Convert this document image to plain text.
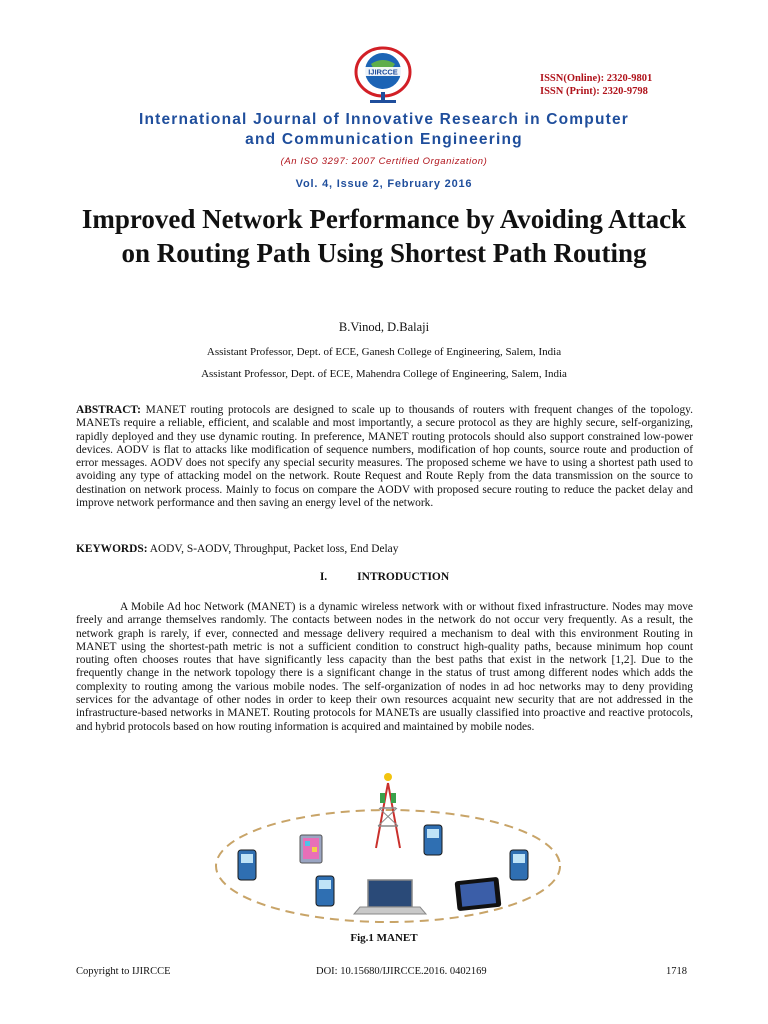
IJIRCCE
ISSN(Online): 2320-9801
ISSN (Print): 2320-9798
International Journal of Innovative Research in Computer
and Communication Engineering
(An ISO 3297: 2007 Certified Organization)
Vol. 4, Issue 2, February 2016
Improved Network Performance by Avoiding Attack on Routing Path Using Shortest Path Routing
B.Vinod, D.Balaji
Assistant Professor, Dept. of ECE, Ganesh College of Engineering, Salem, India
Assistant Professor, Dept. of ECE, Mahendra College of Engineering, Salem, India
ABSTRACT: MANET routing protocols are designed to scale up to thousands of routers with frequent changes of the topology. MANETs require a reliable, efficient, and scalable and most importantly, a secure protocol as they are highly secure, self-organizing, rapidly deployed and they use dynamic routing. In preference, MANET routing protocols should also support constrained low-power devices. AODV is flat to attacks like modification of sequence numbers, modification of hop counts, source route and production of error messages. AODV does not specify any special security measures. The proposed scheme we have to using a shortest path used to avoiding any type of attacking model on the network. Route Request and Route Reply from the data transmission on the source to destination on network process. Mainly to focus on compare the AODV with proposed secure routing to reduce the packet delay and improve network performance and then saving an energy level of the network.
KEYWORDS: AODV, S-AODV, Throughput, Packet loss, End Delay
I.	INTRODUCTION
A Mobile Ad hoc Network (MANET) is a dynamic wireless network with or without fixed infrastructure. Nodes may move freely and arrange themselves randomly. The contacts between nodes in the network do not occur very frequently. As a result, the network graph is rarely, if ever, connected and message delivery required a mechanism to deal with this environment Routing in MANET using the shortest-path metric is not a sufficient condition to construct high-quality paths, because minimum hop count routing often chooses routes that have significantly less capacity than the best paths that exist in the network [1,2]. Due to the frequently change in the network topology there is a significant change in the status of trust among different nodes which adds the complexity to routing among the various mobile nodes. The self-organization of nodes in ad hoc networks may to deny providing services for the advantage of other nodes in order to keep their own resources acquaint new security that are not addressed in the infrastructure-based networks in MANET. Routing protocols for MANETs are usually classified into proactive and reactive protocols, and hybrid protocols based on how routing information is acquired and maintained by mobile nodes.
Fig.1 MANET
Copyright to IJIRCCE	DOI: 10.15680/IJIRCCE.2016. 0402169	1718
